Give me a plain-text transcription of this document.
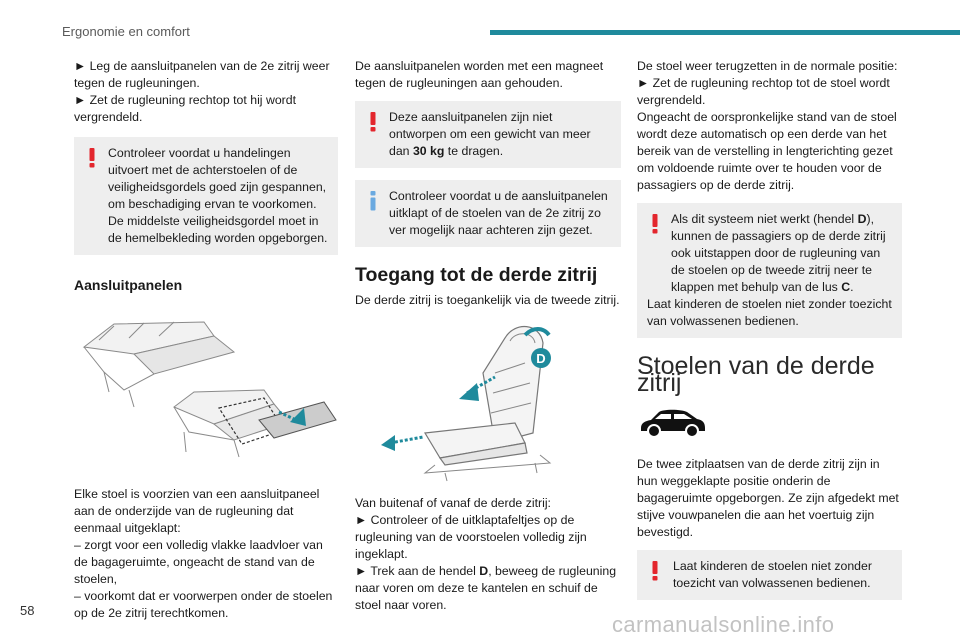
Ergonomie en comfort

► Leg de aansluitpanelen van de 2e zitrij weer tegen de rugleuningen.

► Zet de rugleuning rechtop tot hij wordt vergrendeld.

Controleer voordat u handelingen uitvoert met de achterstoelen of de veiligheidsgordels goed zijn gespannen, om beschadiging ervan te voorkomen. De middelste veiligheidsgordel moet in de hemelbekleding worden opgeborgen.

Aansluitpanelen

Elke stoel is voorzien van een aansluitpaneel aan de onderzijde van de rugleuning dat eenmaal uitgeklapt:

– zorgt voor een volledig vlakke laadvloer van de bagageruimte, ongeacht de stand van de stoelen,

– voorkomt dat er voorwerpen onder de stoelen op de 2e zitrij terechtkomen.

De aansluitpanelen worden met een magneet tegen de rugleuningen aan gehouden.

Deze aansluitpanelen zijn niet ontworpen om een gewicht van meer dan 30 kg te dragen.

Controleer voordat u de aansluitpanelen uitklapt of de stoelen van de 2e zitrij zo ver mogelijk naar achteren zijn gezet.

Toegang tot de derde zitrij

De derde zitrij is toegankelijk via de tweede zitrij.

D

Van buitenaf of vanaf de derde zitrij:

► Controleer of de uitklaptafeltjes op de rugleuning van de voorstoelen volledig zijn ingeklapt.

► Trek aan de hendel D, beweeg de rugleuning naar voren om deze te kantelen en schuif de stoel naar voren.

De stoel weer terugzetten in de normale positie:

► Zet de rugleuning rechtop tot de stoel wordt vergrendeld.

Ongeacht de oorspronkelijke stand van de stoel wordt deze automatisch op een derde van het bereik van de verstelling in lengterichting gezet om voldoende ruimte over te houden voor de passagiers op de derde zitrij.

Als dit systeem niet werkt (hendel D), kunnen de passagiers op de derde zitrij ook uitstappen door de rugleuning van de stoelen op de tweede zitrij neer te klappen met behulp van de lus C.

Laat kinderen de stoelen niet zonder toezicht van volwassenen bedienen.

Stoelen van de derde zitrij

De twee zitplaatsen van de derde zitrij zijn in hun weggeklapte positie onderin de bagageruimte opgeborgen. Ze zijn afgedekt met stijve vouwpanelen die aan het voertuig zijn bevestigd.

Laat kinderen de stoelen niet zonder toezicht van volwassenen bedienen.

58
carmanualsonline.info
